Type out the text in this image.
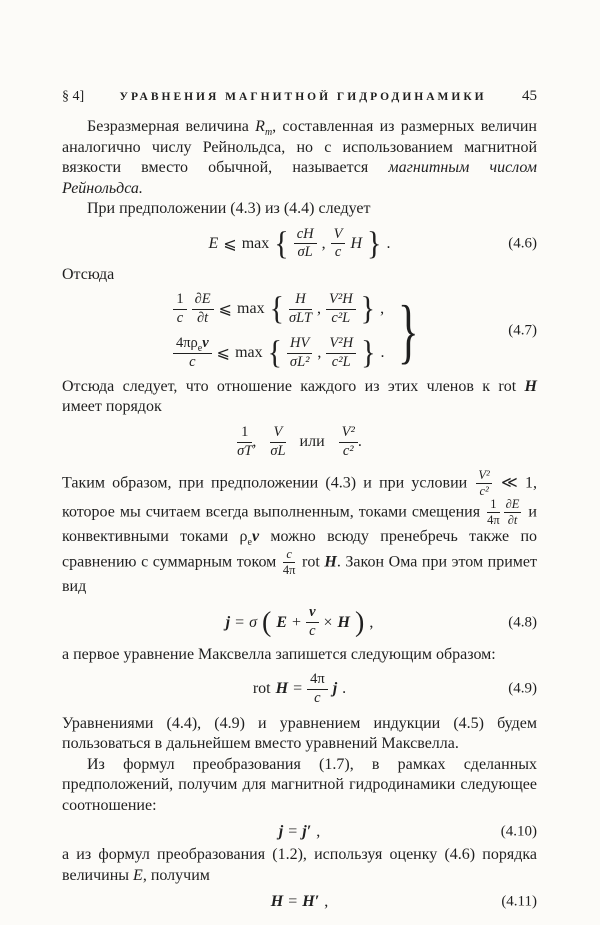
§ 4]	УРАВНЕНИЯ МАГНИТНОЙ ГИДРОДИНАМИКИ	45

Безразмерная величина $R_m$, составленная из размерных величин аналогично числу Рейнольдса, но с использованием магнитной вязкости вместо обычной, называется магнитным числом Рейнольдса.

При предположении (4.3) из (4.4) следует

E ⩽ max { $\frac{cH}{\sigma L}$ , $\frac{V}{c}$ H } .	(4.6)

Отсюда

$\frac{1}{c} \frac{\partial E}{\partial t}$ ⩽ max { $\frac{H}{\text{σLT}}$ , $\frac{\text{V²H}}{\text{c²L}}$ } ,
$\frac{4\pi\rho_ev}{c}$ ⩽ max { $\frac{HV}{\text{σL²}}$ , $\frac{\text{V²H}}{\text{c²L}}$ } . }	(4.7)

Отсюда следует, что отношение каждого из этих членов к rot H имеет порядок

$\frac{1}{\sigma T}$ , $\frac{V}{\sigma L}$ или $\frac{\text{V²}}{\text{c²}}$ .

Таким образом, при предположении (4.3) и при условии $\frac{\text{V²}}{\text{c²}}$ ≪ 1, которое мы считаем всегда выполненным, токами смещения $\frac{1}{4\pi} \frac{\partial E}{\partial t}$ и конвективными токами $\rho_ev$ можно всюду пренебречь также по сравнению с суммарным током $\frac{c}{4\pi}$ rot H. Закон Ома при этом примет вид

j = σ ( $E + \frac{v}{c} \times H$ ) ,	(4.8)

а первое уравнение Максвелла запишется следующим образом:

rot $H = \frac{4\pi}{c}$ j .	(4.9)

Уравнениями (4.4), (4.9) и уравнением индукции (4.5) будем пользоваться в дальнейшем вместо уравнений Максвелла.

Из формул преобразования (1.7), в рамках сделанных предположений, получим для магнитной гидродинамики следующее соотношение:

j = j′ ,	(4.10)

а из формул преобразования (1.2), используя оценку (4.6) порядка величины E, получим

H = H′ ,	(4.11)
